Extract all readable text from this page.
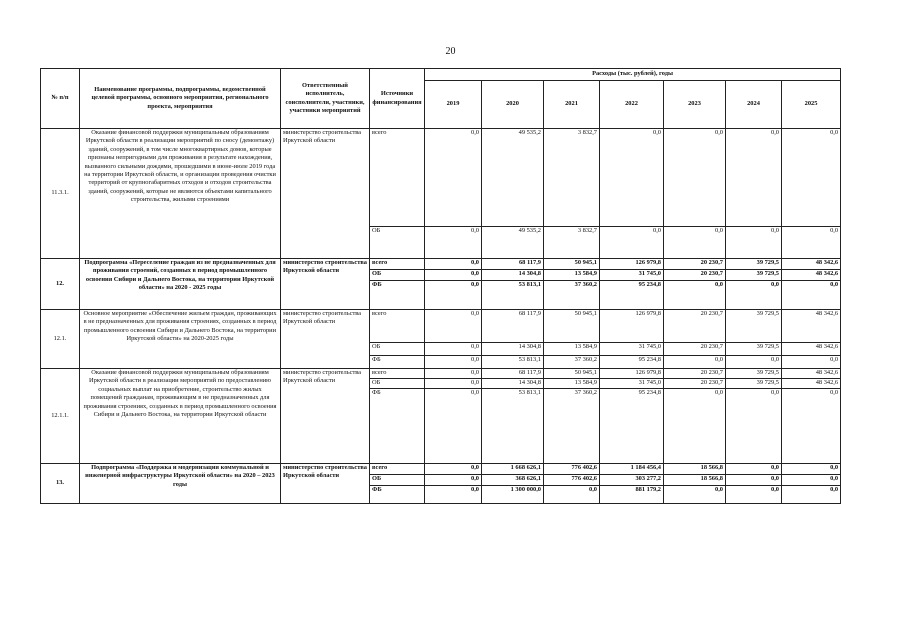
20
№ п/п	Наименование программы, подпрограммы, ведомственной целевой программы, основного мероприятия, регионального проекта, мероприятия	Ответственный исполнитель, соисполнители, участники, участники мероприятий	Источники финансирования	Расходы (тыс. рублей), годы						
				2019	2020	2021	2022	2023	2024	2025
11.3.1.	Оказание финансовой поддержки муниципальным образованиям Иркутской области в реализации мероприятий по сносу (демонтажу) зданий, сооружений, в том числе многоквартирных домов, которые признаны непригодными для проживания в результате нахождения, вызванного сильными дождями, прошедшими в июне-июле 2019 года на территории Иркутской области, и организации проведения очистки территорий от крупногабаритных отходов и отходов строительства зданий, сооружений, которые не являются объектами капитального строительства, жилыми строениями	министерство строительства Иркутской области	всего	0,0	49 535,2	3 832,7	0,0	0,0	0,0	0,0
			ОБ	0,0	49 535,2	3 832,7	0,0	0,0	0,0	0,0
12.	Подпрограмма «Переселение граждан из не предназначенных для проживания строений, созданных в период промышленного освоения Сибири и Дальнего Востока, на территории Иркутской области» на 2020 - 2025 годы	министерство строительства Иркутской области	всего	0,0	68 117,9	50 945,1	126 979,8	20 230,7	39 729,5	48 342,6
			ОБ	0,0	14 304,8	13 584,9	31 745,0	20 230,7	39 729,5	48 342,6
			ФБ	0,0	53 813,1	37 360,2	95 234,8	0,0	0,0	0,0
12.1.	Основное мероприятие «Обеспечение жильем граждан, проживающих в не предназначенных для проживания строениях, созданных в период промышленного освоения Сибири и Дальнего Востока, на территории Иркутской области» на 2020-2025 годы	министерство строительства Иркутской области	всего	0,0	68 117,9	50 945,1	126 979,8	20 230,7	39 729,5	48 342,6
			ОБ	0,0	14 304,8	13 584,9	31 745,0	20 230,7	39 729,5	48 342,6
			ФБ	0,0	53 813,1	37 360,2	95 234,8	0,0	0,0	0,0
12.1.1.	Оказание финансовой поддержки муниципальным образованиям Иркутской области в реализации мероприятий по предоставлению социальных выплат на приобретение, строительство жилых помещений гражданам, проживающим в не предназначенных для проживания строениях, созданных в период промышленного освоения Сибири и Дальнего Востока, на территории Иркутской области	министерство строительства Иркутской области	всего	0,0	68 117,9	50 945,1	126 979,8	20 230,7	39 729,5	48 342,6
			ОБ	0,0	14 304,8	13 584,9	31 745,0	20 230,7	39 729,5	48 342,6
			ФБ	0,0	53 813,1	37 360,2	95 234,8	0,0	0,0	0,0
13.	Подпрограмма «Поддержка и модернизация коммунальной и инженерной инфраструктуры Иркутской области» на 2020 – 2023 годы	министерство строительства Иркутской области	всего	0,0	1 668 626,1	776 402,6	1 184 456,4	18 566,8	0,0	0,0
			ОБ	0,0	368 626,1	776 402,6	303 277,2	18 566,8	0,0	0,0
			ФБ	0,0	1 300 000,0	0,0	881 179,2	0,0	0,0	0,0
